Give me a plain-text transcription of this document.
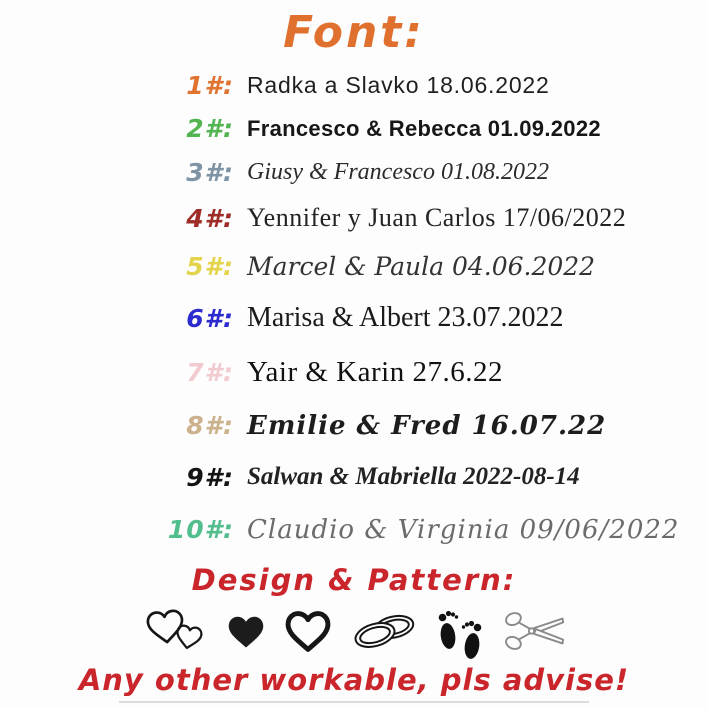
Font:
1#: Radka a Slavko 18.06.2022
2#: Francesco & Rebecca 01.09.2022
3#: Giusy & Francesco 01.08.2022
4#: Yennifer y Juan Carlos 17/06/2022
5#: Marcel & Paula 04.06.2022
6#: Marisa & Albert 23.07.2022
7#: Yair & Karin 27.6.22
8#: Emilie & Fred 16.07.22
9#: Salwan & Mabriella 2022-08-14
10#: Claudio & Virginia 09/06/2022
Design & Pattern:
Any other workable, pls advise!
